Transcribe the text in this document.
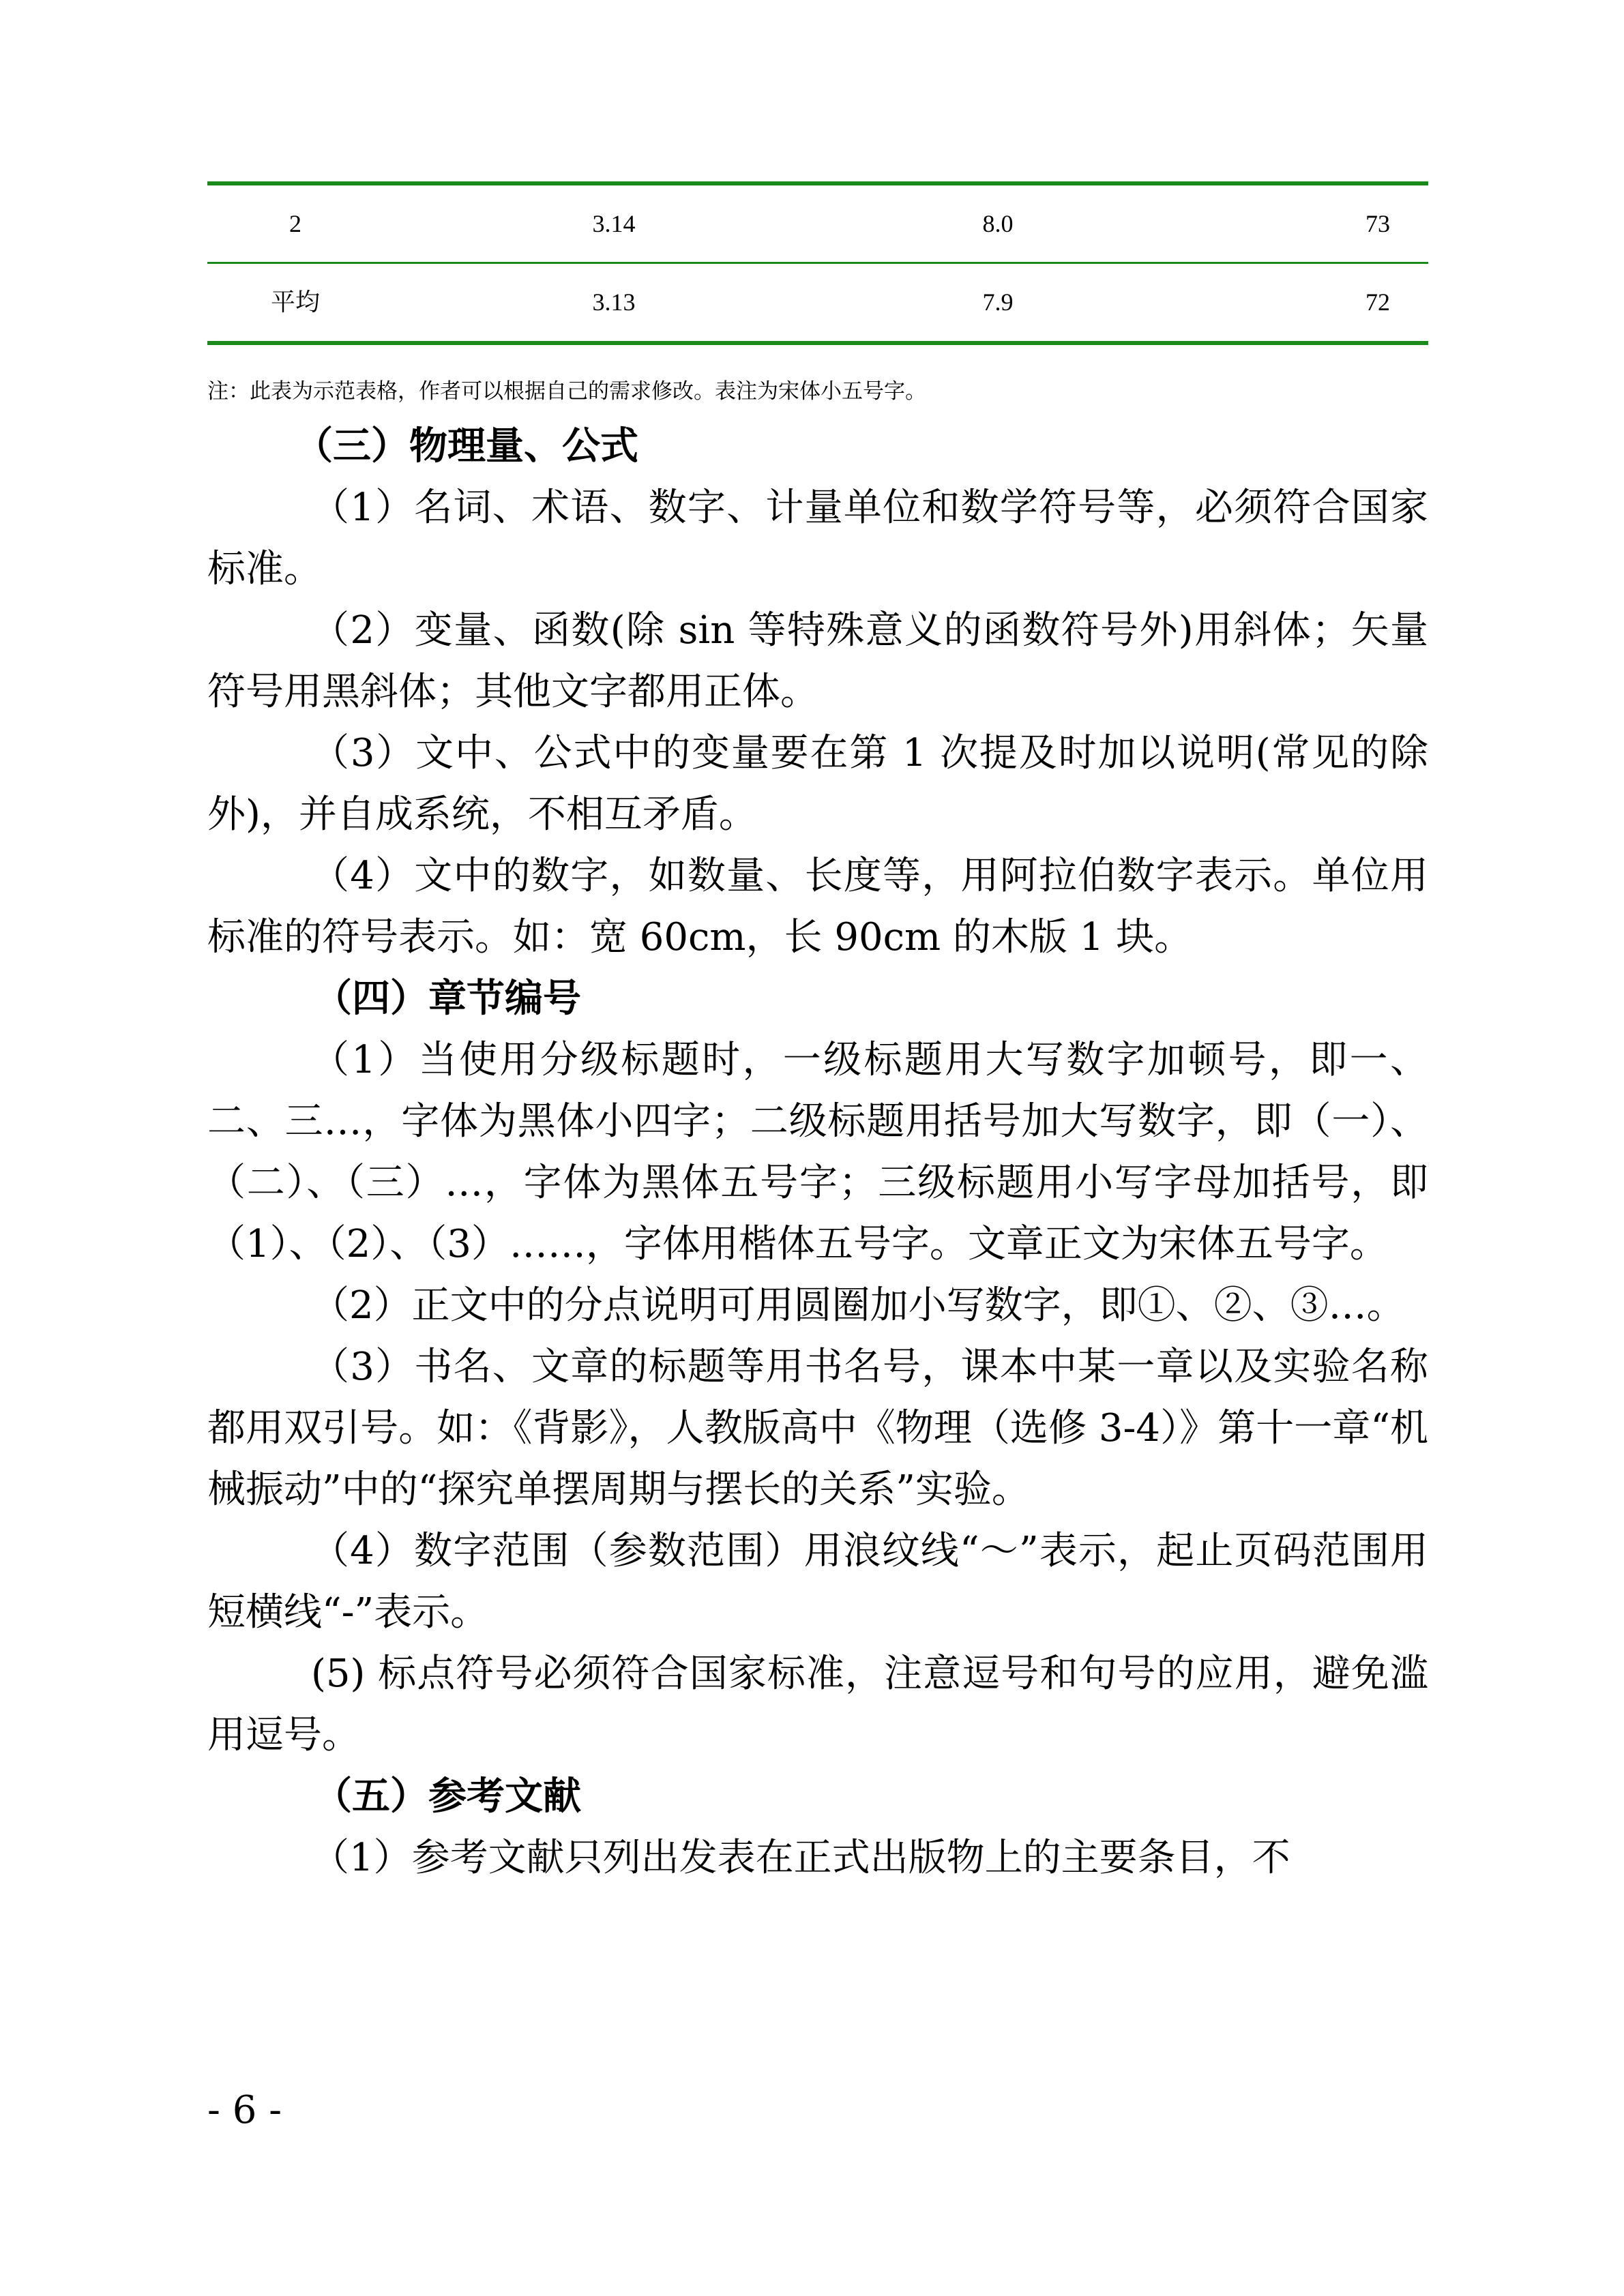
2	3.14	8.0	73
平均	3.13	7.9	72
注：此表为示范表格，作者可以根据自己的需求修改。表注为宋体小五号字。
（三）物理量、公式

（1）名词、术语、数字、计量单位和数学符号等，必须符合国家标准。

（2）变量、函数(除 sin 等特殊意义的函数符号外)用斜体；矢量符号用黑斜体；其他文字都用正体。

（3）文中、公式中的变量要在第 1 次提及时加以说明(常见的除外)，并自成系统，不相互矛盾。

（4）文中的数字，如数量、长度等，用阿拉伯数字表示。单位用标准的符号表示。如：宽 60cm，长 90cm 的木版 1 块。

（四）章节编号

（1）当使用分级标题时，一级标题用大写数字加顿号，即一、二、三…，字体为黑体小四字；二级标题用括号加大写数字，即（一）、（二）、（三）…，字体为黑体五号字；三级标题用小写字母加括号，即（1）、（2）、（3）……，字体用楷体五号字。文章正文为宋体五号字。

（2）正文中的分点说明可用圆圈加小写数字，即①、②、③…。

（3）书名、文章的标题等用书名号，课本中某一章以及实验名称都用双引号。如：《背影》，人教版高中《物理（选修 3-4）》第十一章“机械振动”中的“探究单摆周期与摆长的关系”实验。

（4）数字范围（参数范围）用浪纹线“～”表示，起止页码范围用短横线“-”表示。

(5) 标点符号必须符合国家标准，注意逗号和句号的应用，避免滥用逗号。

（五）参考文献

（1）参考文献只列出发表在正式出版物上的主要条目，不

- 6 -
